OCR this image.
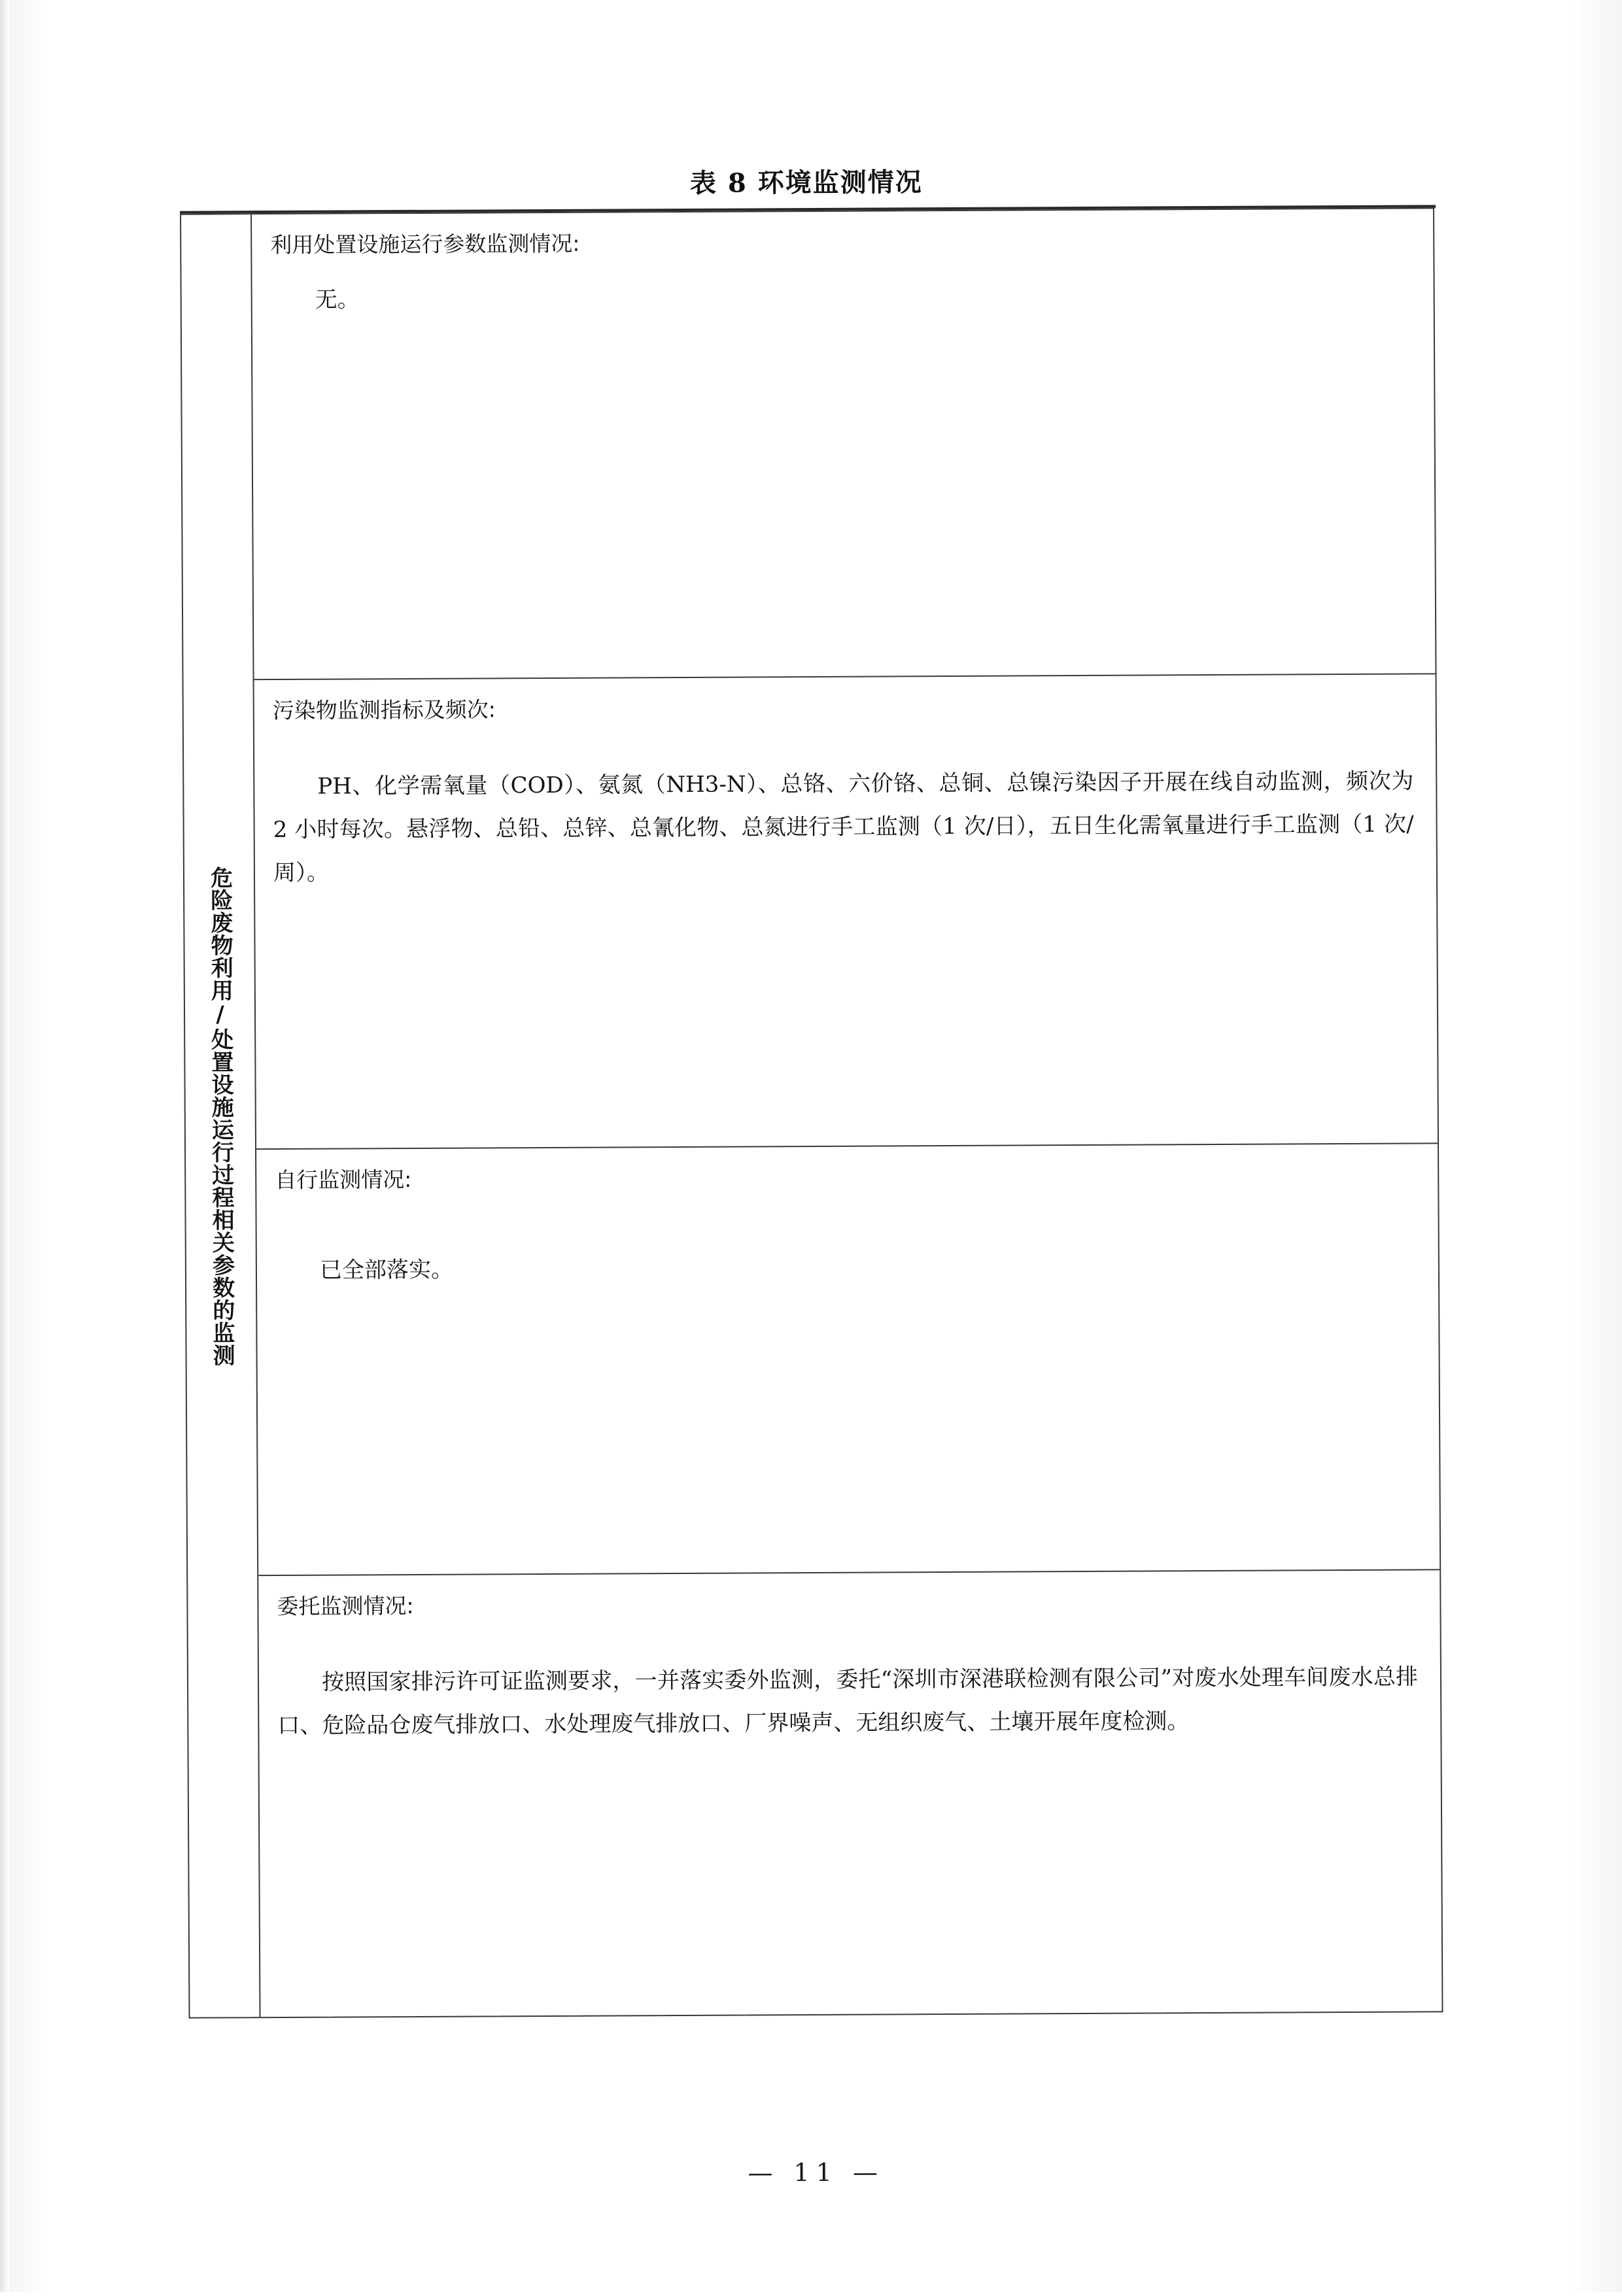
表 8 环境监测情况
危险废物利用/处置设施运行过程相关参数的监测
利用处置设施运行参数监测情况:
无。
污染物监测指标及频次:
PH、化学需氧量（COD）、氨氮（NH3-N）、总铬、六价铬、总铜、总镍污染因子开展在线自动监测，频次为 2 小时每次。悬浮物、总铅、总锌、总氰化物、总氮进行手工监测（1 次/日），五日生化需氧量进行手工监测（1 次/周）。
自行监测情况:
已全部落实。
委托监测情况:
按照国家排污许可证监测要求，一并落实委外监测，委托“深圳市深港联检测有限公司”对废水处理车间废水总排口、危险品仓废气排放口、水处理废气排放口、厂界噪声、无组织废气、土壤开展年度检测。
— 11 —
